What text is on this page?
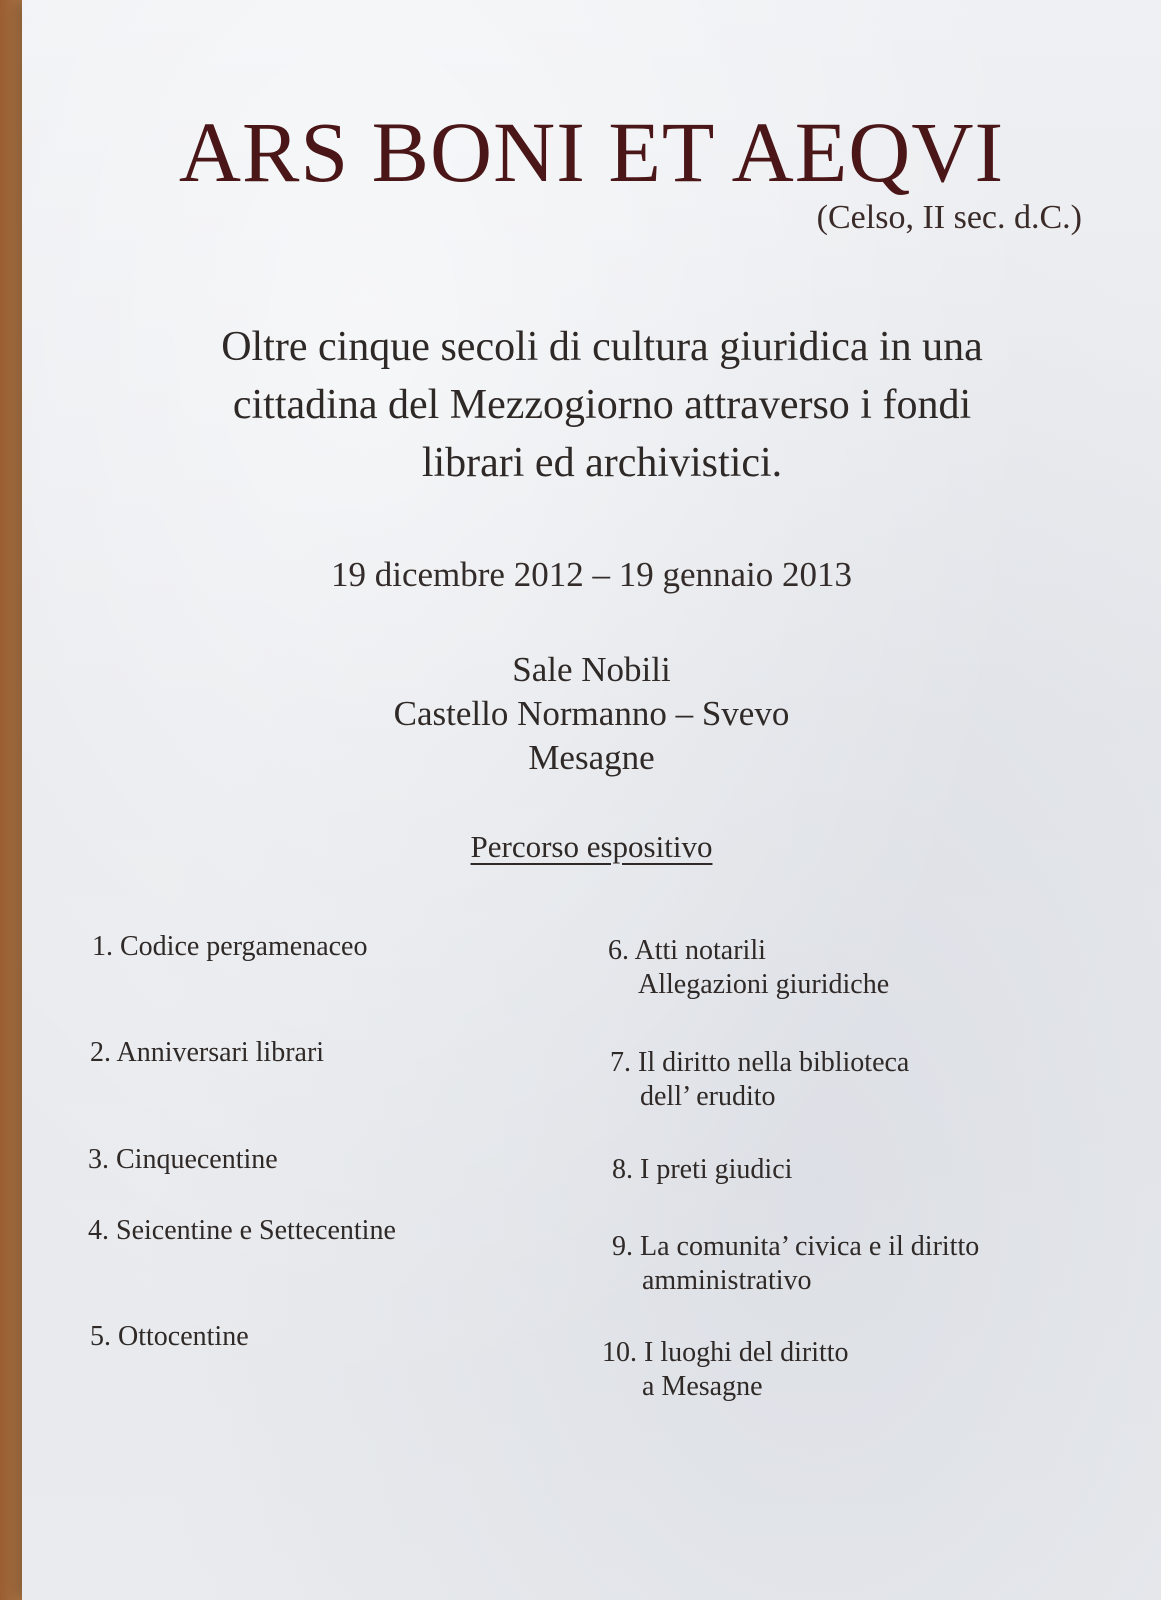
ARS BONI ET AEQVI
(Celso, II sec. d.C.)
Oltre cinque secoli di cultura giuridica in una
cittadina del Mezzogiorno attraverso i fondi
librari ed archivistici.
19 dicembre 2012 – 19 gennaio 2013
Sale Nobili
Castello Normanno – Svevo
Mesagne
Percorso espositivo
1. Codice pergamenaceo
2. Anniversari librari
3. Cinquecentine
4. Seicentine e Settecentine
5. Ottocentine
6. Atti notarili
Allegazioni giuridiche
7. Il diritto nella biblioteca
dell’ erudito
8. I preti giudici
9. La comunita’ civica e il diritto
amministrativo
10. I luoghi del diritto
a Mesagne
